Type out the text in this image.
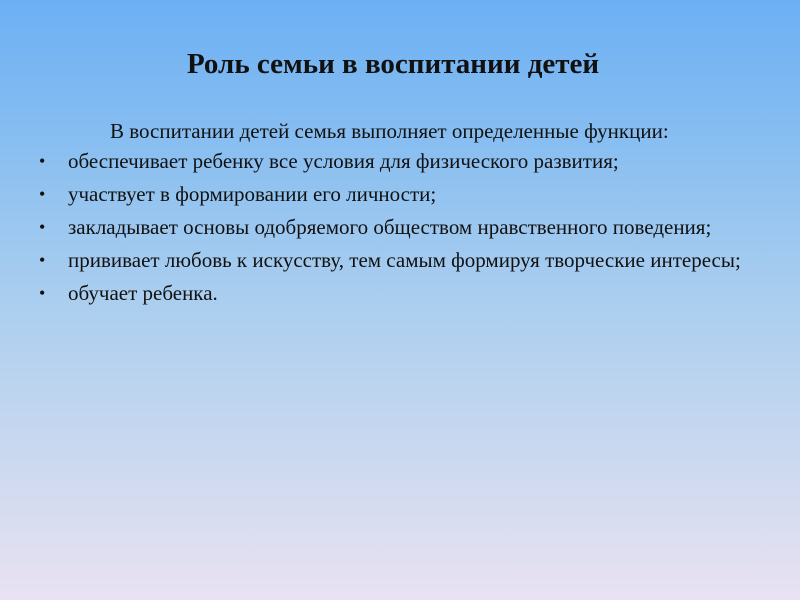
Роль семьи в воспитании детей

В воспитании детей семья выполняет определенные функции:

• обеспечивает ребенку все условия для физического развития;
• участвует в формировании его личности;
• закладывает основы одобряемого обществом нравственного поведения;
• прививает любовь к искусству, тем самым формируя творческие интересы;
• обучает ребенка.
